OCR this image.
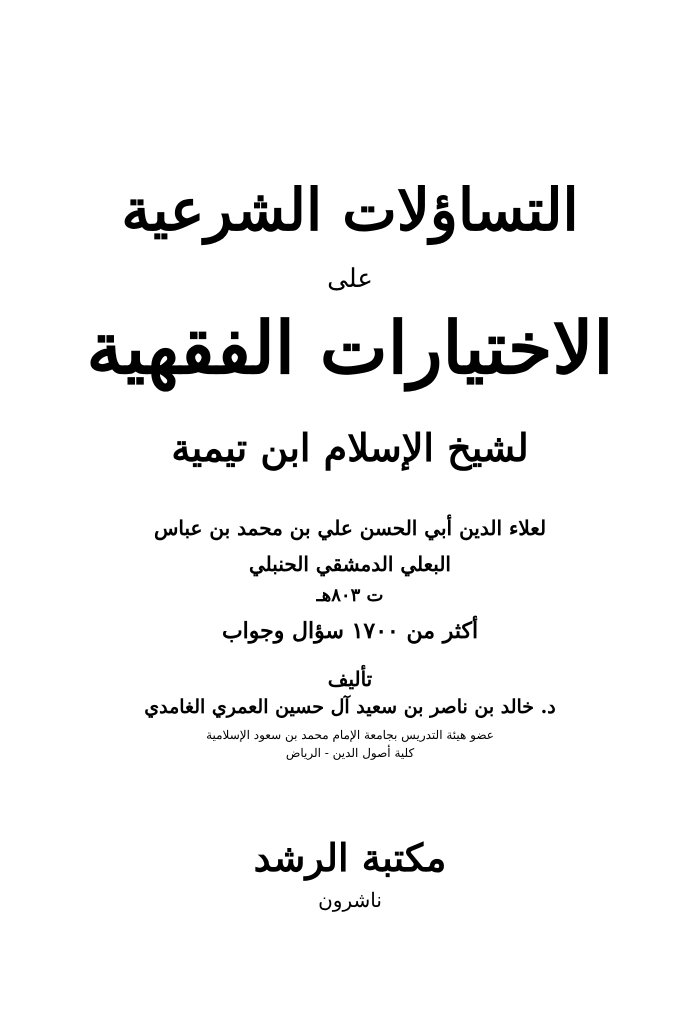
التساؤلات الشرعية
على
الاختيارات الفقهية
لشيخ الإسلام ابن تيمية
لعلاء الدين أبي الحسن علي بن محمد بن عباس
البعلي الدمشقي الحنبلي
ت ٨٠٣هـ
أكثر من ١٧٠٠ سؤال وجواب
تأليف
د. خالد بن ناصر بن سعيد آل حسين العمري الغامدي
عضو هيئة التدريس بجامعة الإمام محمد بن سعود الإسلامية
كلية أصول الدين - الرياض
مكتبة الرشد
ناشرون
